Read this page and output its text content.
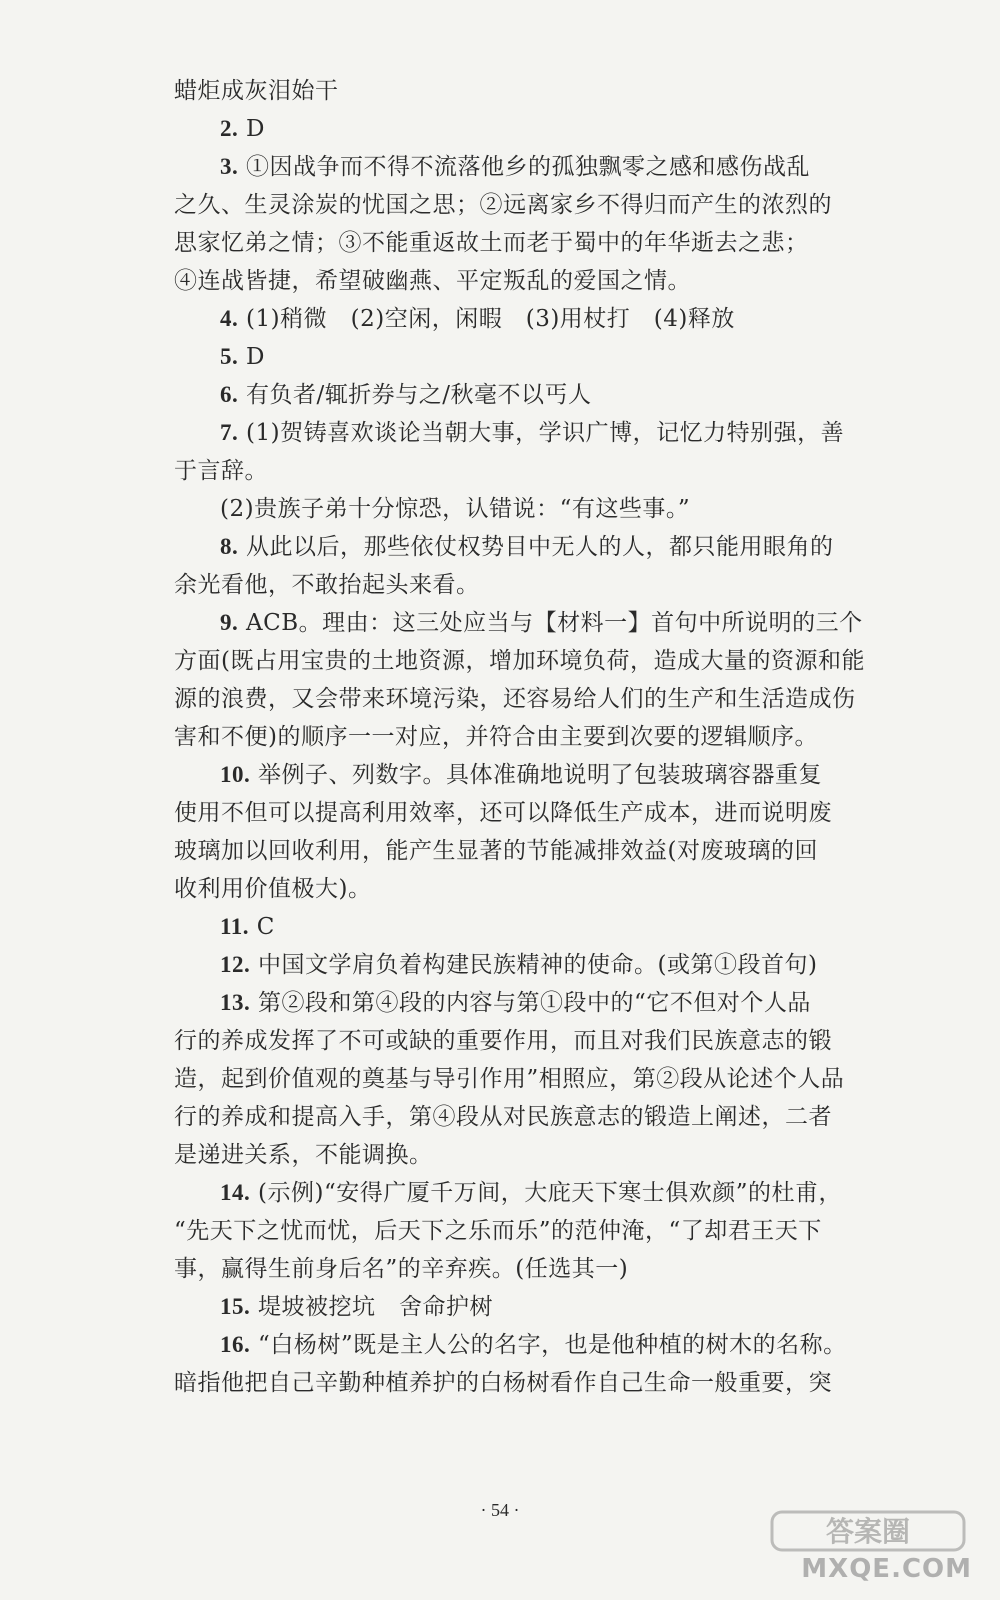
蜡炬成灰泪始干
2. D
3. ①因战争而不得不流落他乡的孤独飘零之感和感伤战乱
之久、生灵涂炭的忧国之思；②远离家乡不得归而产生的浓烈的
思家忆弟之情；③不能重返故土而老于蜀中的年华逝去之悲；
④连战皆捷，希望破幽燕、平定叛乱的爱国之情。
4. (1)稍微　(2)空闲，闲暇　(3)用杖打　(4)释放
5. D
6. 有负者/辄折券与之/秋毫不以丐人
7. (1)贺铸喜欢谈论当朝大事，学识广博，记忆力特别强，善
于言辞。
(2)贵族子弟十分惊恐，认错说：“有这些事。”
8. 从此以后，那些依仗权势目中无人的人，都只能用眼角的
余光看他，不敢抬起头来看。
9. ACB。理由：这三处应当与【材料一】首句中所说明的三个
方面(既占用宝贵的土地资源，增加环境负荷，造成大量的资源和能
源的浪费，又会带来环境污染，还容易给人们的生产和生活造成伤
害和不便)的顺序一一对应，并符合由主要到次要的逻辑顺序。
10. 举例子、列数字。具体准确地说明了包装玻璃容器重复
使用不但可以提高利用效率，还可以降低生产成本，进而说明废
玻璃加以回收利用，能产生显著的节能减排效益(对废玻璃的回
收利用价值极大)。
11. C
12. 中国文学肩负着构建民族精神的使命。(或第①段首句)
13. 第②段和第④段的内容与第①段中的“它不但对个人品
行的养成发挥了不可或缺的重要作用，而且对我们民族意志的锻
造，起到价值观的奠基与导引作用”相照应，第②段从论述个人品
行的养成和提高入手，第④段从对民族意志的锻造上阐述，二者
是递进关系，不能调换。
14. (示例)“安得广厦千万间，大庇天下寒士俱欢颜”的杜甫，
“先天下之忧而忧，后天下之乐而乐”的范仲淹，“了却君王天下
事，赢得生前身后名”的辛弃疾。(任选其一)
15. 堤坡被挖坑　舍命护树
16. “白杨树”既是主人公的名字，也是他种植的树木的名称。
暗指他把自己辛勤种植养护的白杨树看作自己生命一般重要，突
· 54 ·
答案圈
MXQE.COM
